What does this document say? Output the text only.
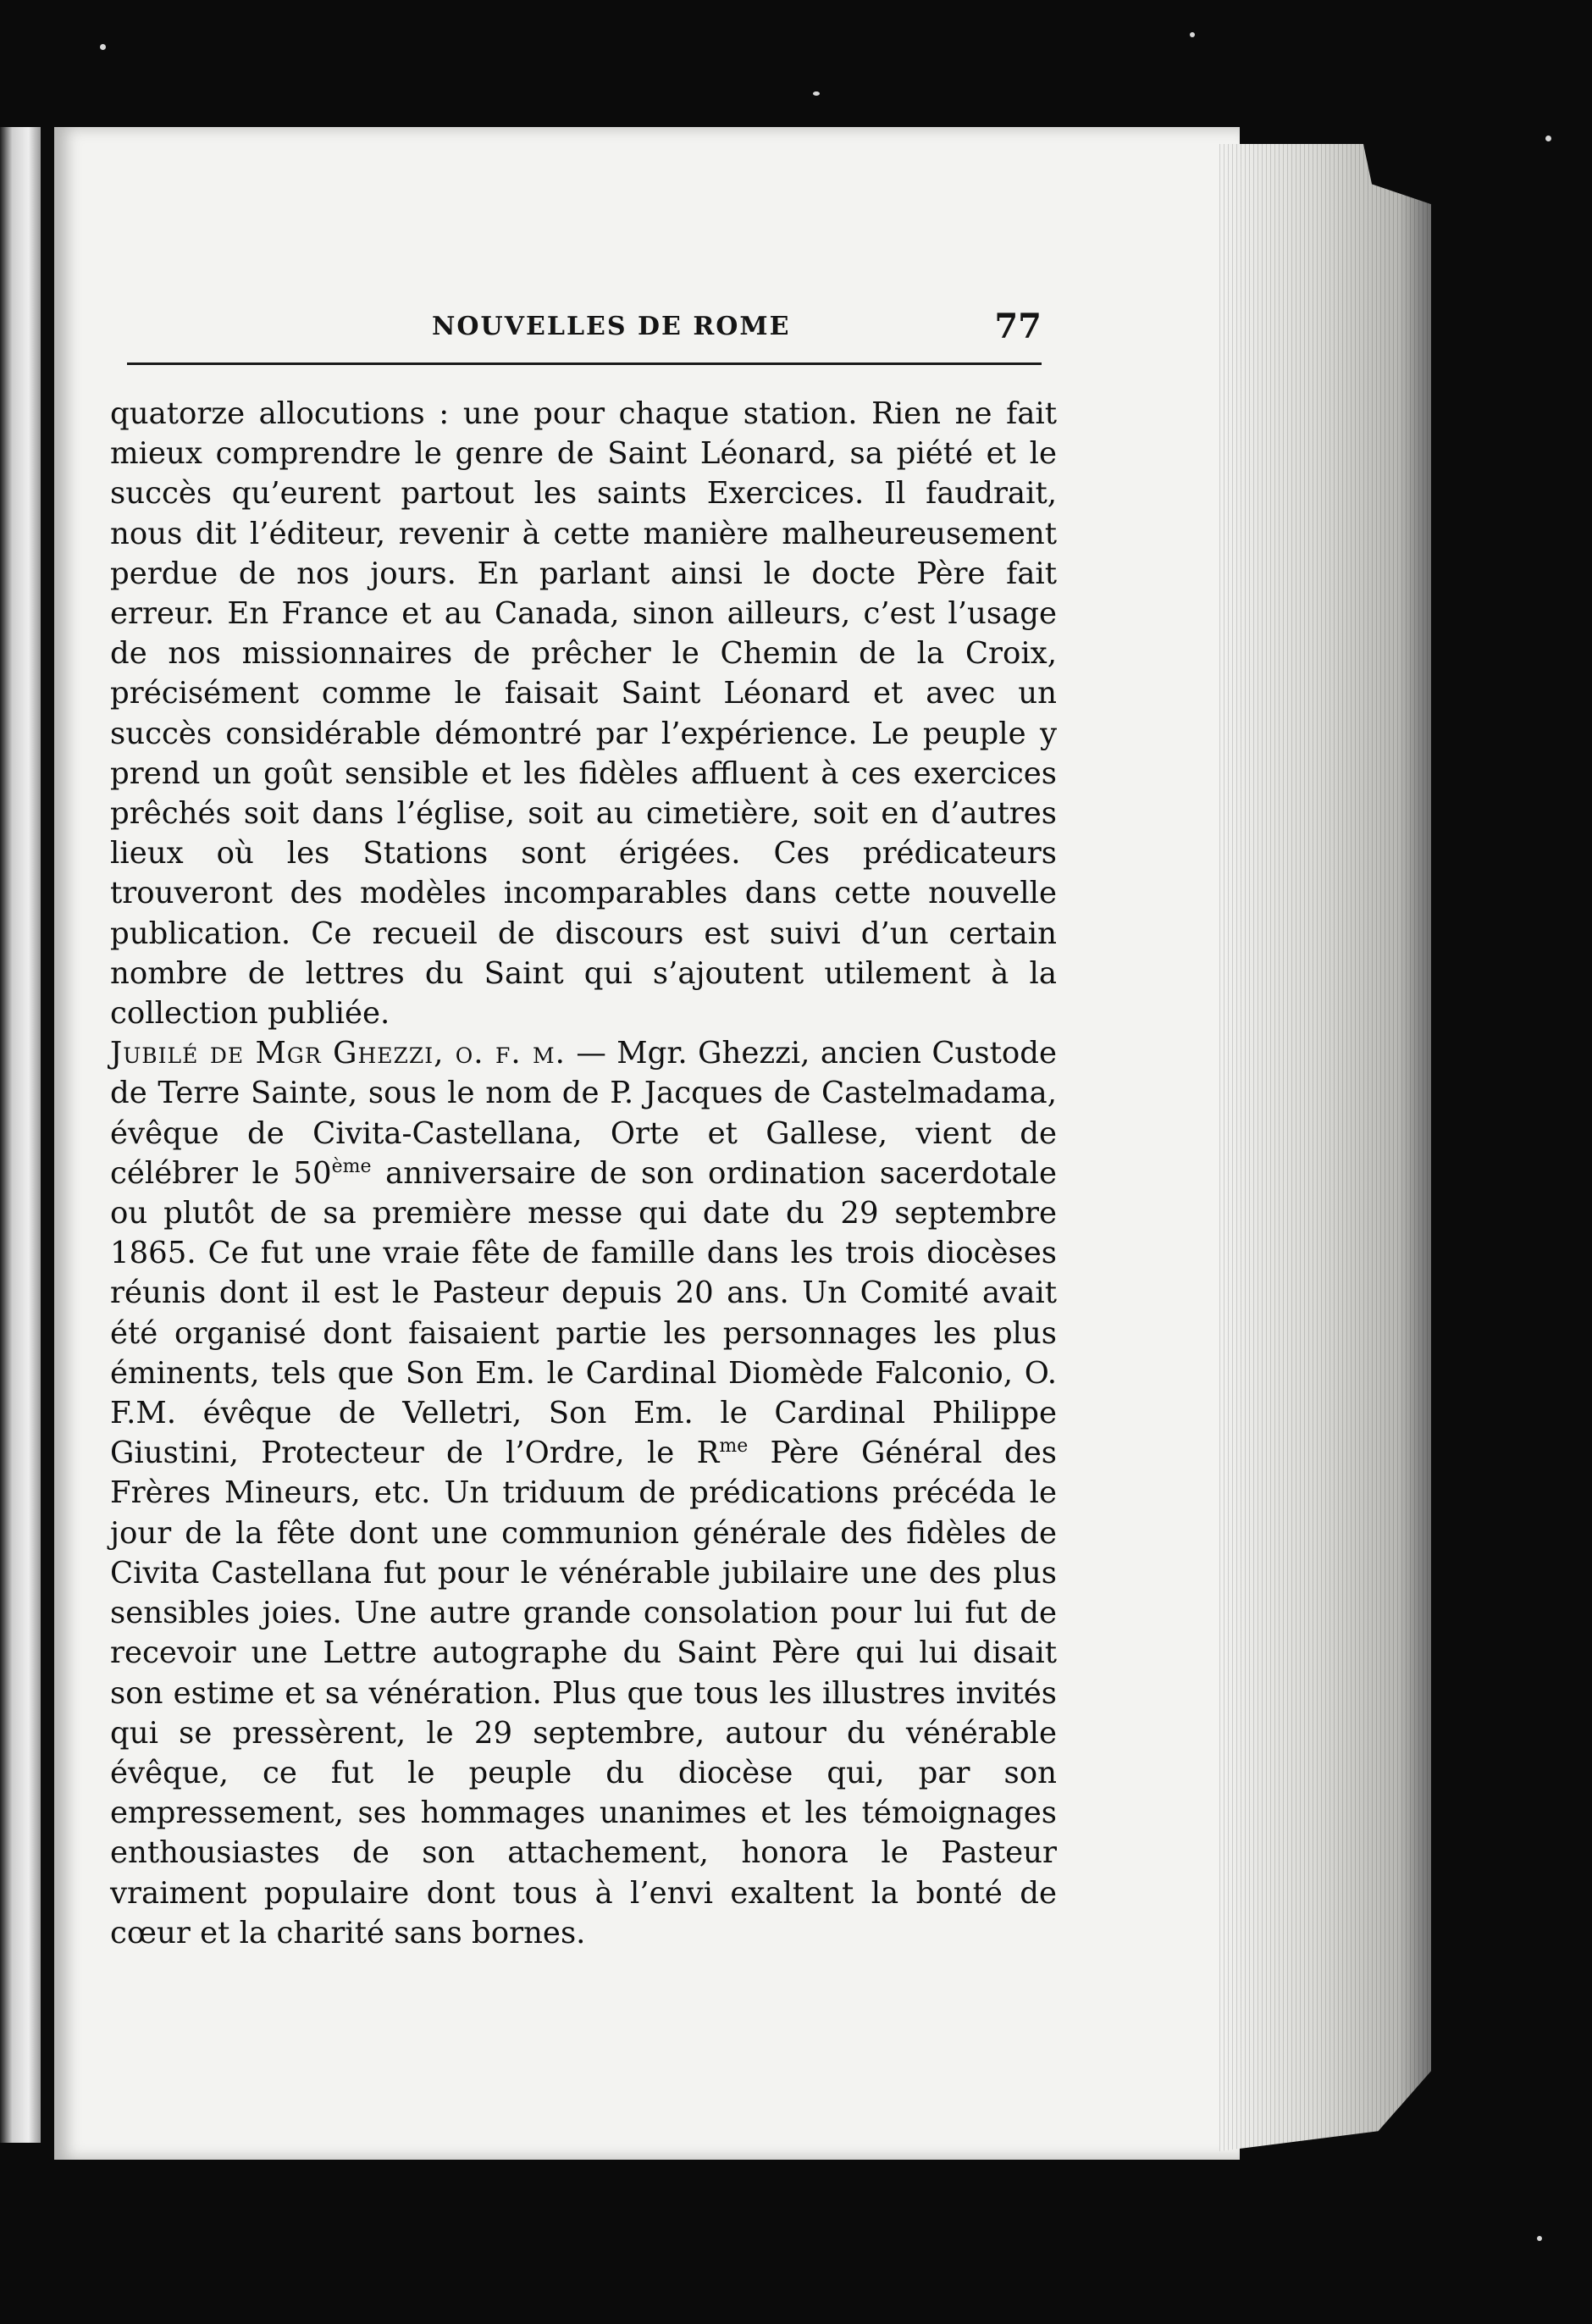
NOUVELLES DE ROME	77

quatorze allocutions : une pour chaque station. Rien ne fait mieux comprendre le genre de Saint Léonard, sa piété et le succès qu’eurent partout les saints Exercices. Il faudrait, nous dit l’éditeur, revenir à cette manière malheureusement perdue de nos jours. En parlant ainsi le docte Père fait erreur. En France et au Canada, sinon ailleurs, c’est l’usage de nos missionnaires de prêcher le Chemin de la Croix, précisément comme le faisait Saint Léonard et avec un succès considérable démontré par l’expérience. Le peuple y prend un goût sensible et les fidèles affluent à ces exercices prêchés soit dans l’église, soit au cimetière, soit en d’autres lieux où les Stations sont érigées. Ces prédicateurs trouveront des modèles incomparables dans cette nouvelle publication. Ce recueil de discours est suivi d’un certain nombre de lettres du Saint qui s’ajoutent utilement à la collection publiée.

Jubilé de Mgr Ghezzi, o. f. m. — Mgr. Ghezzi, ancien Custode de Terre Sainte, sous le nom de P. Jacques de Castelmadama, évêque de Civita-Castellana, Orte et Gallese, vient de célébrer le 50ème anniversaire de son ordination sacerdotale ou plutôt de sa première messe qui date du 29 septembre 1865. Ce fut une vraie fête de famille dans les trois diocèses réunis dont il est le Pasteur depuis 20 ans. Un Comité avait été organisé dont faisaient partie les personnages les plus éminents, tels que Son Em. le Cardinal Diomède Falconio, O. F.M. évêque de Velletri, Son Em. le Cardinal Philippe Giustini, Protecteur de l’Ordre, le $R^{me}$ Père Général des Frères Mineurs, etc. Un triduum de prédications précéda le jour de la fête dont une communion générale des fidèles de Civita Castellana fut pour le vénérable jubilaire une des plus sensibles joies. Une autre grande consolation pour lui fut de recevoir une Lettre autographe du Saint Père qui lui disait son estime et sa vénération. Plus que tous les illustres invités qui se pressèrent, le 29 septembre, autour du vénérable évêque, ce fut le peuple du diocèse qui, par son empressement, ses hommages unanimes et les témoignages enthousiastes de son attachement, honora le Pasteur vraiment populaire dont tous à l’envi exaltent la bonté de cœur et la charité sans bornes.
